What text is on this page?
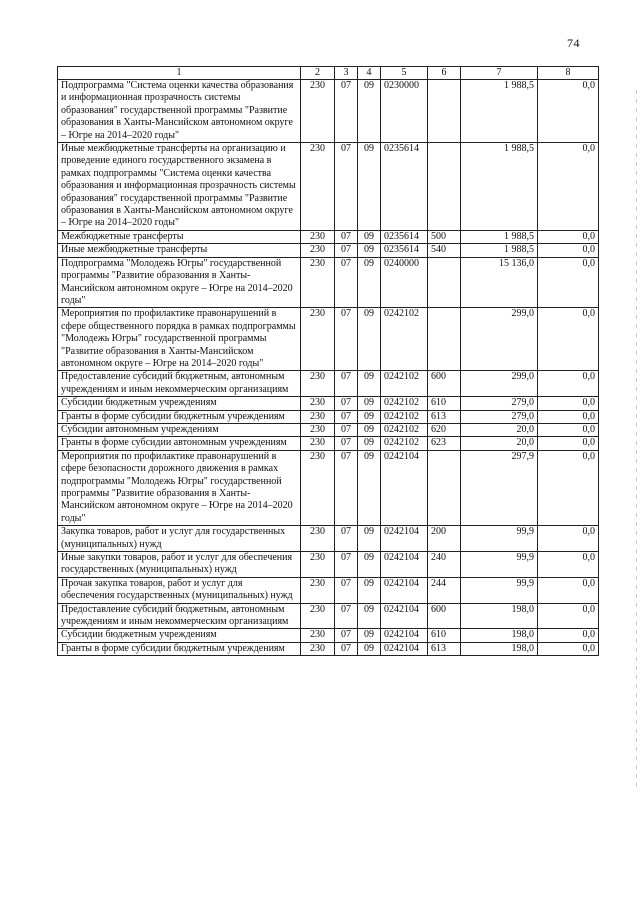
74
1	2	3	4	5	6	7	8
Подпрограмма "Система оценки качества образования и информационная прозрачность системы образования" государственной программы "Развитие образования в Ханты-Мансийском автономном округе – Югре на 2014–2020 годы"	230	07	09	0230000		1 988,5	0,0
Иные межбюджетные трансферты на организацию и проведение единого государственного экзамена в рамках подпрограммы "Система оценки качества образования и информационная прозрачность системы образования" государственной программы "Развитие образования в Ханты-Мансийском автономном округе – Югре на 2014–2020 годы"	230	07	09	0235614		1 988,5	0,0
Межбюджетные трансферты	230	07	09	0235614	500	1 988,5	0,0
Иные межбюджетные трансферты	230	07	09	0235614	540	1 988,5	0,0
Подпрограмма "Молодежь Югры" государственной программы "Развитие образования в Ханты-Мансийском автономном округе – Югре на 2014–2020 годы"	230	07	09	0240000		15 136,0	0,0
Мероприятия по профилактике правонарушений в сфере общественного порядка в рамках подпрограммы "Молодежь Югры" государственной программы "Развитие образования в Ханты-Мансийском автономном округе – Югре на 2014–2020 годы"	230	07	09	0242102		299,0	0,0
Предоставление субсидий бюджетным, автономным учреждениям и иным некоммерческим организациям	230	07	09	0242102	600	299,0	0,0
Субсидии бюджетным учреждениям	230	07	09	0242102	610	279,0	0,0
Гранты в форме субсидии бюджетным учреждениям	230	07	09	0242102	613	279,0	0,0
Субсидии автономным учреждениям	230	07	09	0242102	620	20,0	0,0
Гранты в форме субсидии автономным учреждениям	230	07	09	0242102	623	20,0	0,0
Мероприятия по профилактике правонарушений в сфере безопасности дорожного движения в рамках подпрограммы "Молодежь Югры" государственной программы "Развитие образования в Ханты-Мансийском автономном округе – Югре на 2014–2020 годы"	230	07	09	0242104		297,9	0,0
Закупка товаров, работ и услуг для государственных (муниципальных) нужд	230	07	09	0242104	200	99,9	0,0
Иные закупки товаров, работ и услуг для обеспечения государственных (муниципальных) нужд	230	07	09	0242104	240	99,9	0,0
Прочая закупка товаров, работ и услуг для обеспечения государственных (муниципальных) нужд	230	07	09	0242104	244	99,9	0,0
Предоставление субсидий бюджетным, автономным учреждениям и иным некоммерческим организациям	230	07	09	0242104	600	198,0	0,0
Субсидии бюджетным учреждениям	230	07	09	0242104	610	198,0	0,0
Гранты в форме субсидии бюджетным учреждениям	230	07	09	0242104	613	198,0	0,0
